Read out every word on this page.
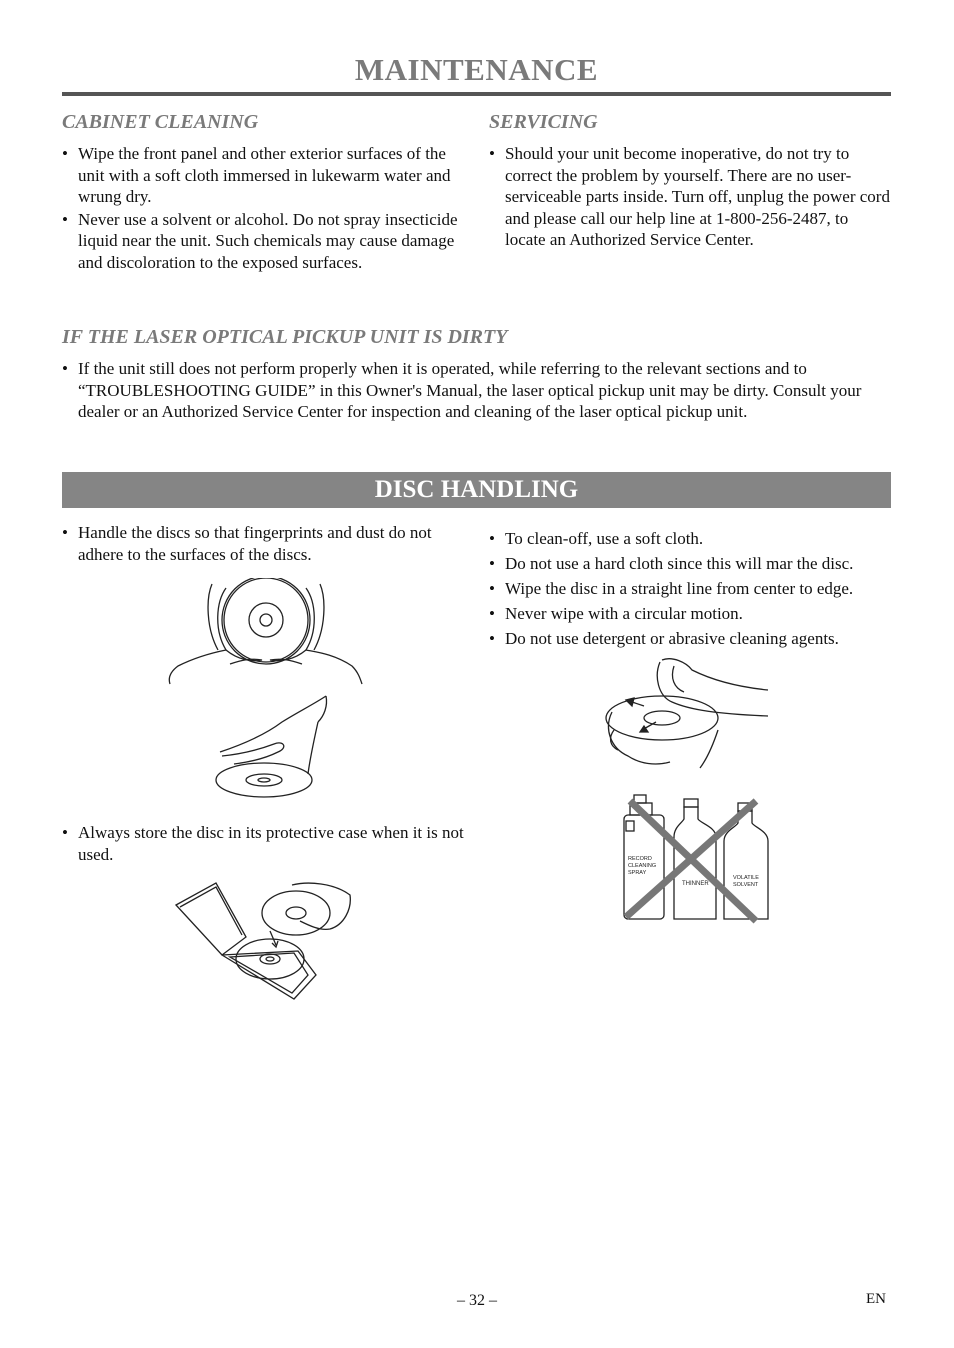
MAINTENANCE
CABINET CLEANING
• Wipe the front panel and other exterior surfaces of the unit with a soft cloth immersed in lukewarm water and wrung dry.
• Never use a solvent or alcohol. Do not spray insecticide liquid near the unit. Such chemicals may cause damage and discoloration to the exposed surfaces.
SERVICING
• Should your unit become inoperative, do not try to correct the problem by yourself. There are no user-serviceable parts inside. Turn off, unplug the power cord and please call our help line at 1-800-256-2487, to locate an Authorized Service Center.
IF THE LASER OPTICAL PICKUP UNIT IS DIRTY
• If the unit still does not perform properly when it is operated, while referring to the relevant sections and to “TROUBLESHOOTING GUIDE” in this Owner's Manual, the laser optical pickup unit may be dirty. Consult your dealer or an Authorized Service Center for inspection and cleaning of the laser optical pickup unit.
DISC HANDLING
• Handle the discs so that fingerprints and dust do not adhere to the surfaces of the discs.
• Always store the disc in its protective case when it is not used.
• To clean-off, use a soft cloth.
• Do not use a hard cloth since this will mar the disc.
• Wipe the disc in a straight line from center to edge.
• Never wipe with a circular motion.
• Do not use detergent or abrasive cleaning agents.
RECORD
CLEANING
SPRAY
THINNER
VOLATILE
SOLVENT
– 32 –	EN
